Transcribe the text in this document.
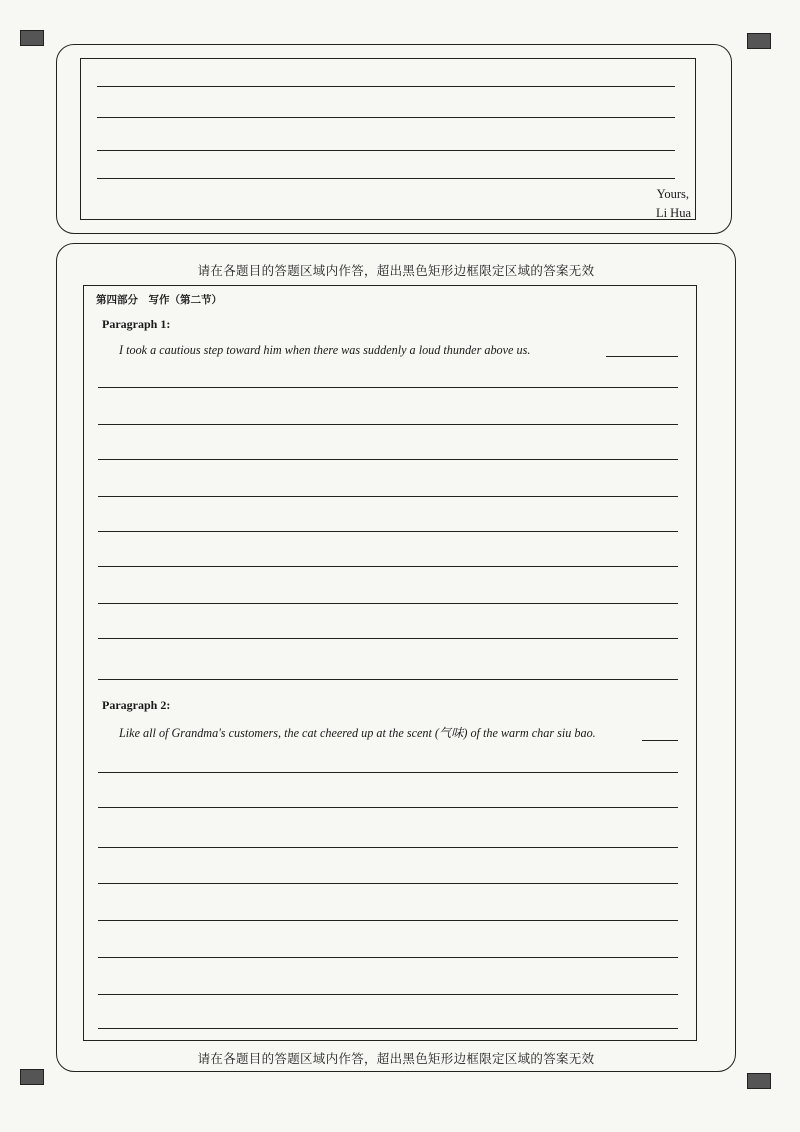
Yours,
Li Hua
请在各题目的答题区域内作答，超出黑色矩形边框限定区域的答案无效
请在各题目的答题区域内作答，超出黑色矩形边框限定区域的答案无效
第四部分　写作（第二节）
Paragraph 1:
I took a cautious step toward him when there was suddenly a loud thunder above us.
Paragraph 2:
Like all of Grandma's customers, the cat cheered up at the scent (气味) of the warm char siu bao.
